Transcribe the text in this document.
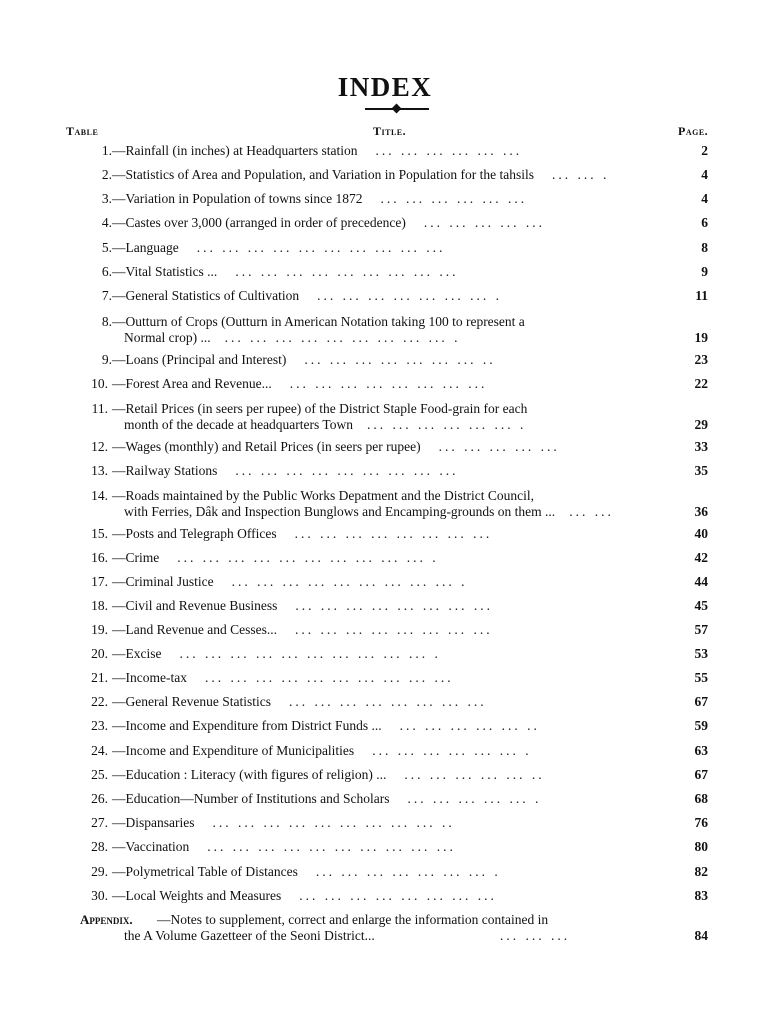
INDEX
Table	Title.	Page.
1. —Rainfall (in inches) at Headquarters station ... ... ... ... ... ...	2
2. —Statistics of Area and Population, and Variation in Population for the tahsils ... ... .	4
3. —Variation in Population of towns since 1872 ... ... ... ... ... ...	4
4. —Castes over 3,000 (arranged in order of precedence) ... ... ... ... ...	6
5. —Language ... ... ... ... ... ... ... ... ... ...	8
6. —Vital Statistics ... ... ... ... ... ... ... ... ... ...	9
7. —General Statistics of Cultivation ... ... ... ... ... ... ... .	11
8. —Outturn of Crops (Outturn in American Notation taking 100 to represent a
Normal crop) ... ... ... ... ... ... ... ... ... ... .	19
9. —Loans (Principal and Interest) ... ... ... ... ... ... ... ..	23
10. —Forest Area and Revenue... ... ... ... ... ... ... ... ...	22
11. —Retail Prices (in seers per rupee) of the District Staple Food-grain for each
month of the decade at headquarters Town ... ... ... ... ... ... .	29
12. —Wages (monthly) and Retail Prices (in seers per rupee) ... ... ... ... ...	33
13. —Railway Stations ... ... ... ... ... ... ... ... ...	35
14. —Roads maintained by the Public Works Depatment and the District Council,
with Ferries, Dâk and Inspection Bunglows and Encamping-grounds on them ... ... ...	36
15. —Posts and Telegraph Offices ... ... ... ... ... ... ... ...	40
16. —Crime ... ... ... ... ... ... ... ... ... ... .	42
17. —Criminal Justice ... ... ... ... ... ... ... ... ... .	44
18. —Civil and Revenue Business ... ... ... ... ... ... ... ...	45
19. —Land Revenue and Cesses... ... ... ... ... ... ... ... ...	57
20. —Excise ... ... ... ... ... ... ... ... ... ... .	53
21. —Income-tax ... ... ... ... ... ... ... ... ... ...	55
22. —General Revenue Statistics ... ... ... ... ... ... ... ...	67
23. —Income and Expenditure from District Funds ... ... ... ... ... ... ..	59
24. —Income and Expenditure of Municipalities ... ... ... ... ... ... .	63
25. —Education : Literacy (with figures of religion) ... ... ... ... ... ... ..	67
26. —Education—Number of Institutions and Scholars ... ... ... ... ... .	68
27. —Dispansaries ... ... ... ... ... ... ... ... ... ..	76
28. —Vaccination ... ... ... ... ... ... ... ... ... ...	80
29. —Polymetrical Table of Distances ... ... ... ... ... ... ... .	82
30. —Local Weights and Measures ... ... ... ... ... ... ... ...	83
Appendix. —Notes to supplement, correct and enlarge the information contained in
the A Volume Gazetteer of the Seoni District...	... ... ...	84
